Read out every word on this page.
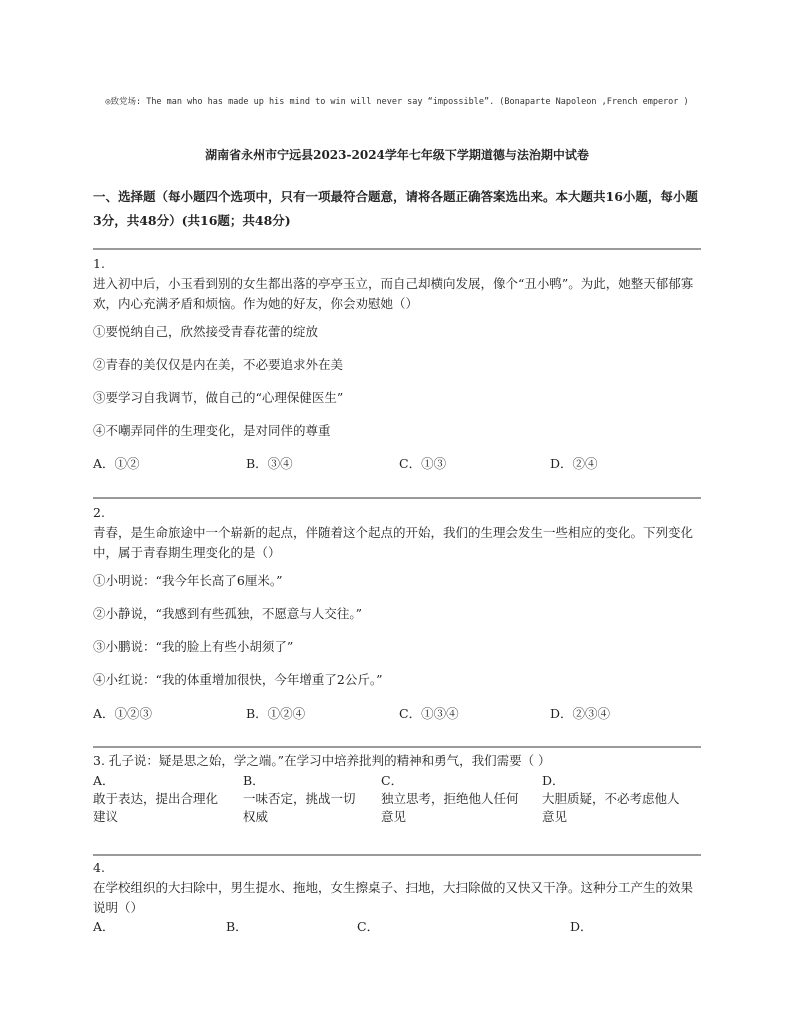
◎致党场: The man who has made up his mind to win will never say “impossible”. (Bonaparte Napoleon ,French emperor )
湖南省永州市宁远县2023-2024学年七年级下学期道德与法治期中试卷
一、选择题（每小题四个选项中，只有一项最符合题意，请将各题正确答案选出来。本大题共16小题，每小题3分，共48分）(共16题；共48分)
1.
进入初中后，小玉看到别的女生都出落的亭亭玉立，而自己却横向发展，像个“丑小鸭”。为此，她整天郁郁寡欢，内心充满矛盾和烦恼。作为她的好友，你会劝慰她（）
①要悦纳自己，欣然接受青春花蕾的绽放
②青春的美仅仅是内在美，不必要追求外在美
③要学习自我调节，做自己的“心理保健医生”
④不嘲弄同伴的生理变化，是对同伴的尊重
A．①②	B．③④	C．①③	D．②④
2.
青春，是生命旅途中一个崭新的起点，伴随着这个起点的开始，我们的生理会发生一些相应的变化。下列变化中，属于青春期生理变化的是（）
①小明说：“我今年长高了6厘米。”
②小静说，“我感到有些孤独，不愿意与人交往。”
③小鹏说：“我的脸上有些小胡须了”
④小红说：“我的体重增加很快，今年增重了2公斤。”
A．①②③	B．①②④	C．①③④	D．②③④
3. 孔子说：疑是思之始，学之端。”在学习中培养批判的精神和勇气，我们需要（ ）
A．
敢于表达，提出合理化
建议
B．
一味否定，挑战一切
权威
C．
独立思考，拒绝他人任何
意见
D．
大胆质疑，不必考虑他人
意见
4.
在学校组织的大扫除中，男生提水、拖地，女生擦桌子、扫地，大扫除做的又快又干净。这种分工产生的效果说明（）
A．	B．	C．	D．
